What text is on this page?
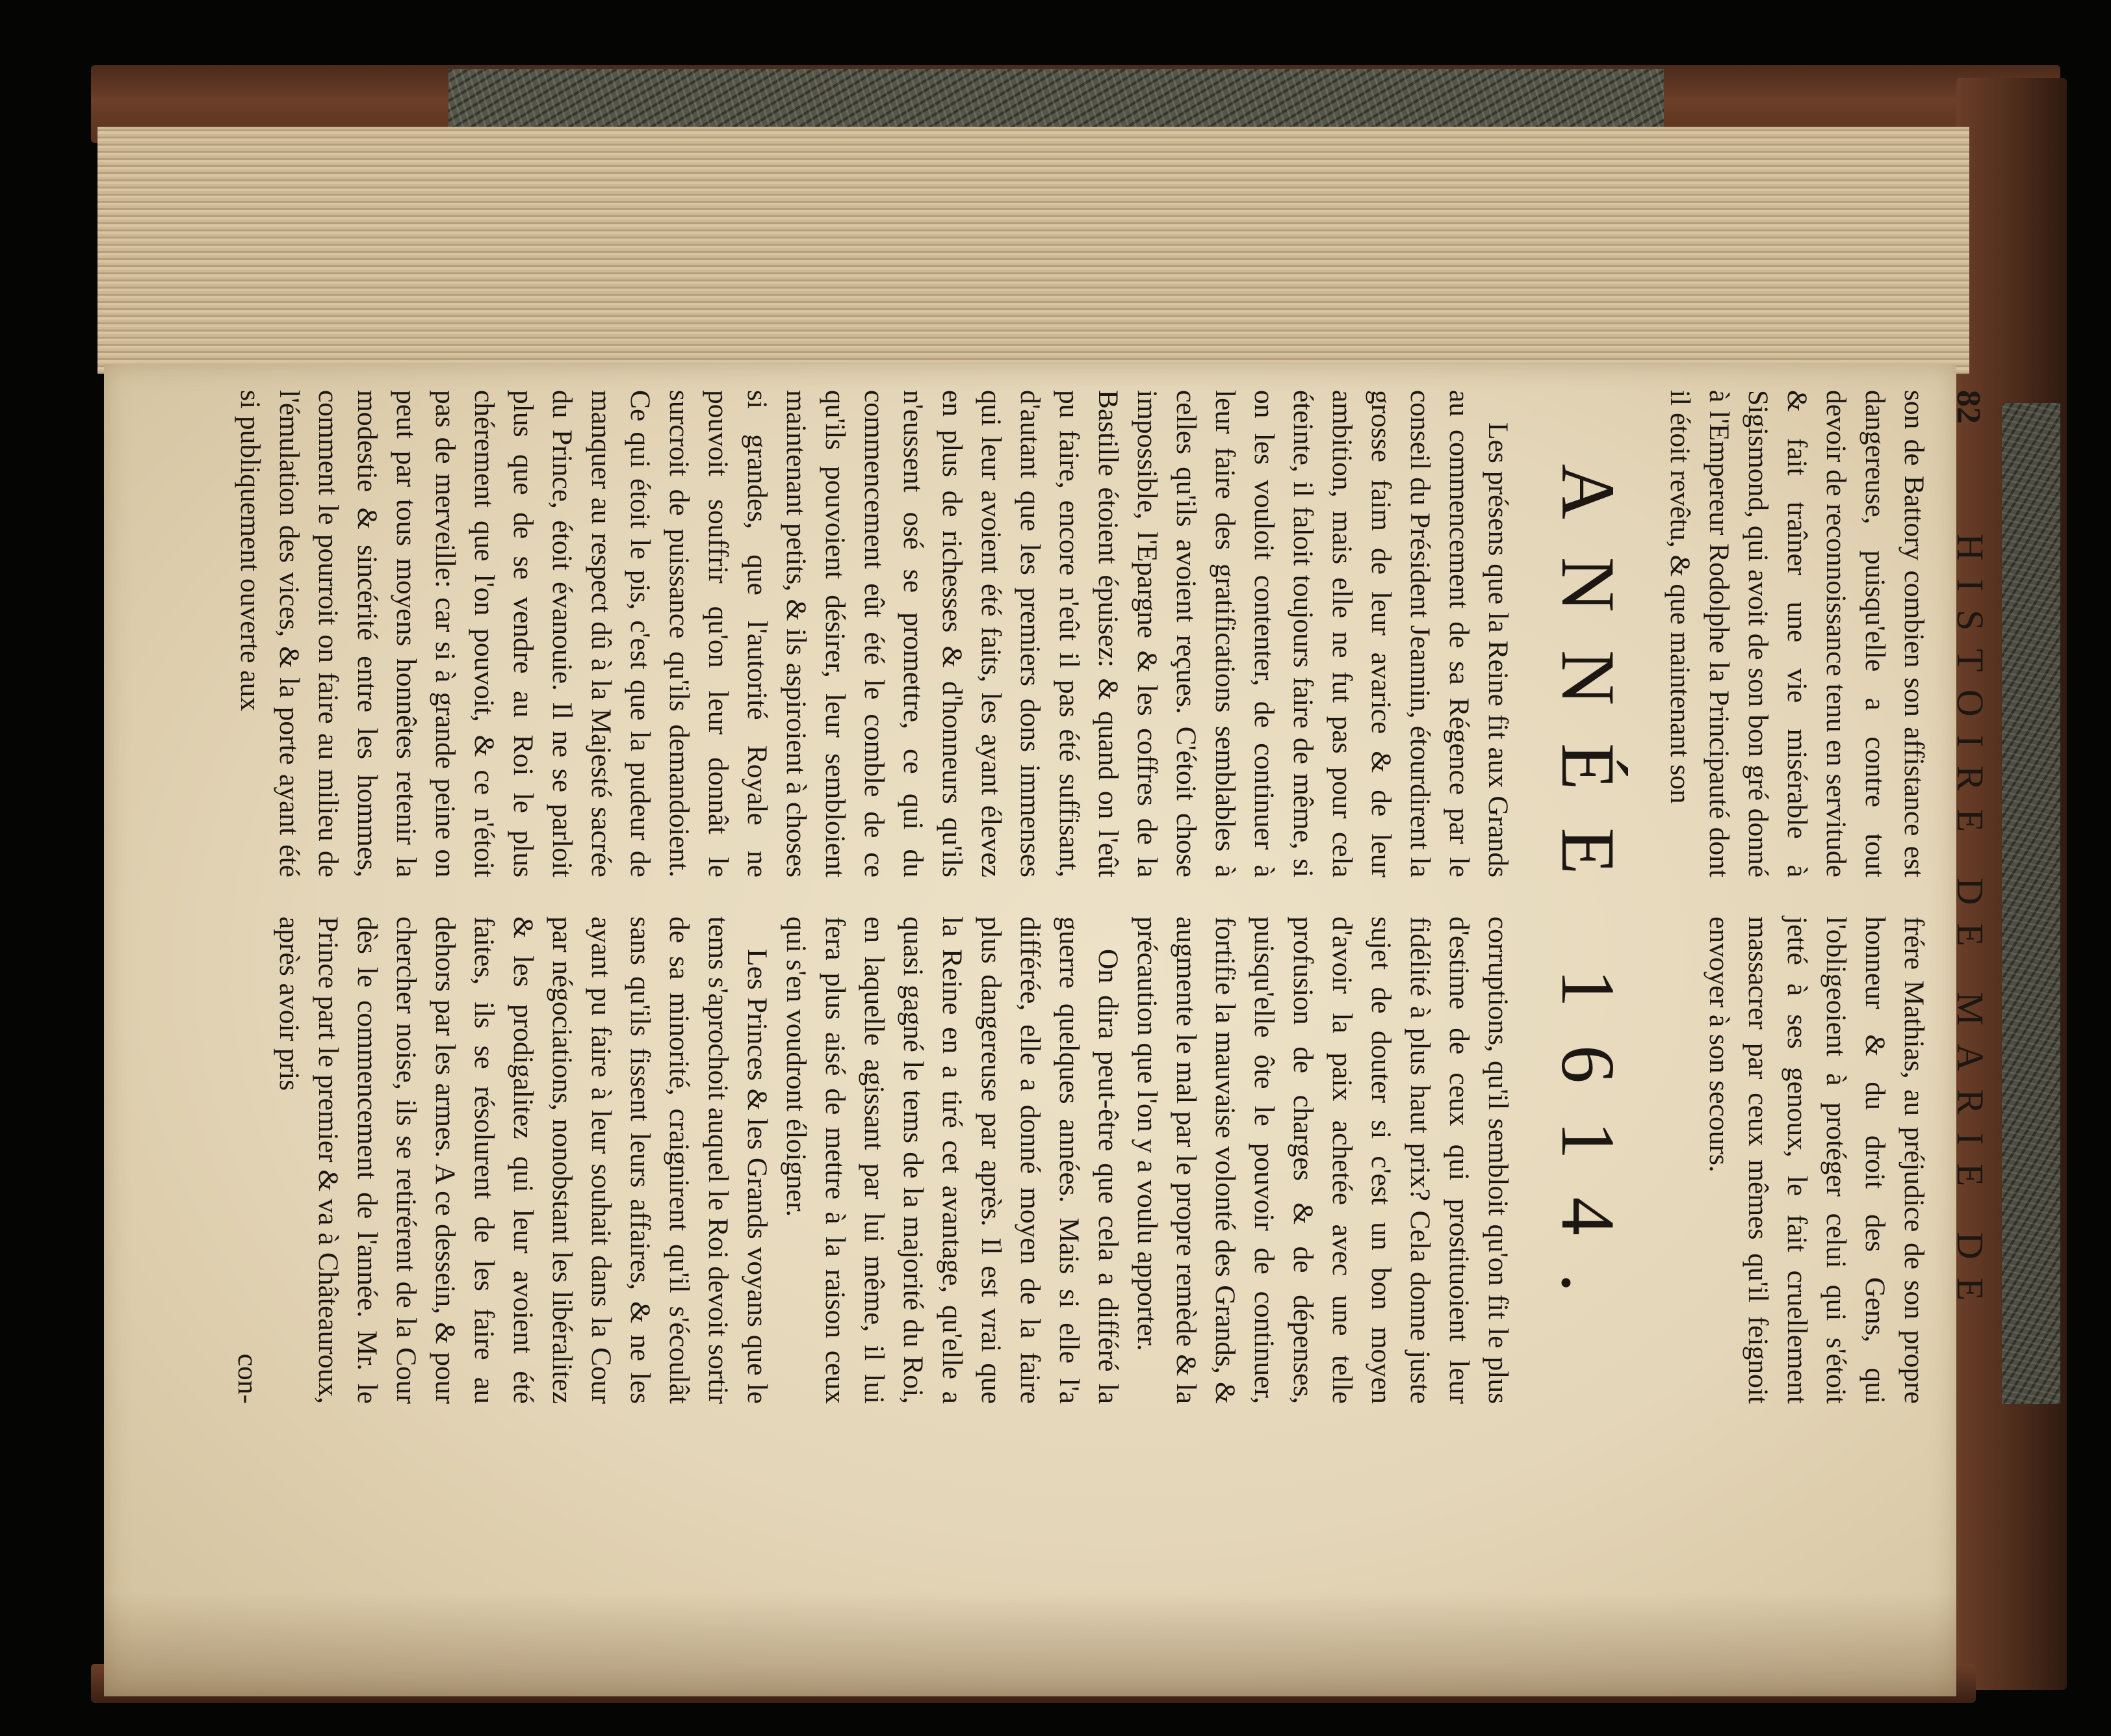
82
HISTOIRE DE MARIE DE

son de Battory combien son affistance est dangereuse, puisqu'elle a contre tout devoir de reconnoissance tenu en servitude & fait traîner une vie misérable à Sigismond, qui avoit de son bon gré donné à l'Empereur Rodolphe la Principauté dont il étoit revêtu, & que maintenant son

frére Mathias, au préjudice de son propre honneur & du droit des Gens, qui l'obligeoient à protéger celui qui s'étoit jetté à ses genoux, le fait cruellement massacrer par ceux mêmes qu'il feignoit envoyer à son secours.

ANNÉE 1614.

Les présens que la Reine fit aux Grands au commencement de sa Régence par le conseil du Président Jeannin, étourdirent la grosse faim de leur avarice & de leur ambition, mais elle ne fut pas pour cela éteinte, il faloit toujours faire de même, si on les vouloit contenter, de continuer à leur faire des gratifications semblables à celles qu'ils avoient reçues. C'étoit chose impossible, l'Epargne & les coffres de la Bastille étoient épuisez: & quand on l'eût pu faire, encore n'eût il pas été suffisant, d'autant que les premiers dons immenses qui leur avoient été faits, les ayant élevez en plus de richesses & d'honneurs qu'ils n'eussent osé se promettre, ce qui du commencement eût été le comble de ce qu'ils pouvoient désirer, leur sembloient maintenant petits, & ils aspiroient à choses si grandes, que l'autorité Royale ne pouvoit souffrir qu'on leur donnât le surcroit de puissance qu'ils demandoient. Ce qui étoit le pis, c'est que la pudeur de manquer au respect dû à la Majesté sacrée du Prince, étoit évanouie. Il ne se parloit plus que de se vendre au Roi le plus chérement que l'on pouvoit, & ce n'étoit pas de merveille: car si à grande peine on peut par tous moyens honnêtes retenir la modestie & sincérité entre les hommes, comment le pourroit on faire au milieu de l'émulation des vices, & la porte ayant été si publiquement ouverte aux

corruptions, qu'il sembloit qu'on fit le plus d'estime de ceux qui prostituoient leur fidélité à plus haut prix? Cela donne juste sujet de douter si c'est un bon moyen d'avoir la paix achetée avec une telle profusion de charges & de dépenses, puisqu'elle ôte le pouvoir de continuer, fortifie la mauvaise volonté des Grands, & augmente le mal par le propre remède & la précaution que l'on y a voulu apporter.

On dira peut-être que cela a différé la guerre quelques années. Mais si elle l'a différée, elle a donné moyen de la faire plus dangereuse par après. Il est vrai que la Reine en a tiré cet avantage, qu'elle a quasi gagné le tems de la majorité du Roi, en laquelle agissant par lui même, il lui fera plus aisé de mettre à la raison ceux qui s'en voudront éloigner.

Les Princes & les Grands voyans que le tems s'aprochoit auquel le Roi devoit sortir de sa minorité, craignirent qu'il s'écoulât sans qu'ils fissent leurs affaires, & ne les ayant pu faire à leur souhait dans la Cour par négociations, nonobstant les libéralitez & les prodigalitez qui leur avoient été faites, ils se résolurent de les faire au dehors par les armes. A ce dessein, & pour chercher noise, ils se retirérent de la Cour dès le commencement de l'année. Mr. le Prince part le premier & va à Châteauroux, après avoir pris

con-
